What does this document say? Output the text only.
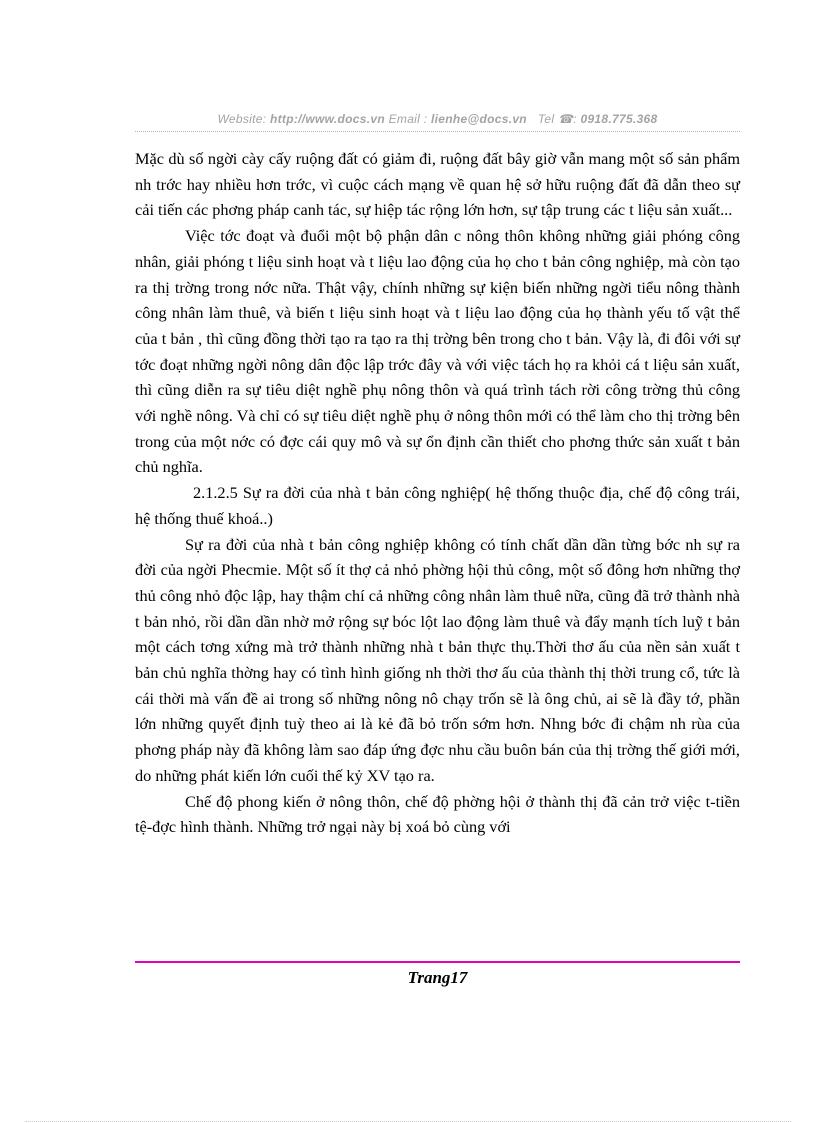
Website: http://www.docs.vn Email : lienhe@docs.vn Tel ☎: 0918.775.368

Mặc dù số ngời cày cấy ruộng đất có giảm đi, ruộng đất bây giờ vẫn mang một số sản phẩm nh trớc hay nhiều hơn trớc, vì cuộc cách mạng về quan hệ sở hữu ruộng đất đã dẫn theo sự cải tiến các phơng pháp canh tác, sự hiệp tác rộng lớn hơn, sự tập trung các t liệu sản xuất...

Việc tớc đoạt và đuổi một bộ phận dân c nông thôn không những giải phóng công nhân, giải phóng t liệu sinh hoạt và t liệu lao động của họ cho t bản công nghiệp, mà còn tạo ra thị trờng trong nớc nữa. Thật vậy, chính những sự kiện biến những ngời tiểu nông thành công nhân làm thuê, và biến t liệu sinh hoạt và t liệu lao động của họ thành yếu tố vật thể của t bản , thì cũng đồng thời tạo ra tạo ra thị trờng bên trong cho t bản. Vậy là, đi đôi với sự tớc đoạt những ngời nông dân độc lập trớc đây và với việc tách họ ra khỏi cá t liệu sản xuất, thì cũng diễn ra sự tiêu diệt nghề phụ nông thôn và quá trình tách rời công trờng thủ công với nghề nông. Và chỉ có sự tiêu diệt nghề phụ ở nông thôn mới có thể làm cho thị trờng bên trong của một nớc có đợc cái quy mô và sự ổn định cần thiết cho phơng thức sản xuất t bản chủ nghĩa.

2.1.2.5 Sự ra đời của nhà t bản công nghiệp( hệ thống thuộc địa, chế độ công trái, hệ thống thuế khoá..)

Sự ra đời của nhà t bản công nghiệp không có tính chất dần dần từng bớc nh sự ra đời của ngời Phecmie. Một số ít thợ cả nhỏ phờng hội thủ công, một số đông hơn những thợ thủ công nhỏ độc lập, hay thậm chí cả những công nhân làm thuê nữa, cũng đã trở thành nhà t bản nhỏ, rồi dần dần nhờ mở rộng sự bóc lột lao động làm thuê và đẩy mạnh tích luỹ t bản một cách tơng xứng mà trở thành những nhà t bản thực thụ.Thời thơ ấu của nền sản xuất t bản chủ nghĩa thờng hay có tình hình giống nh thời thơ ấu của thành thị thời trung cổ, tức là cái thời mà vấn đề ai trong số những nông nô chạy trốn sẽ là ông chủ, ai sẽ là đầy tớ, phần lớn những quyết định tuỳ theo ai là kẻ đã bỏ trốn sớm hơn. Nhng bớc đi chậm nh rùa của phơng pháp này đã không làm sao đáp ứng đợc nhu cầu buôn bán của thị trờng thế giới mới, do những phát kiến lớn cuối thế kỷ XV tạo ra.

Chế độ phong kiến ở nông thôn, chế độ phờng hội ở thành thị đã cản trở việc t-tiền tệ-đợc hình thành. Những trở ngại này bị xoá bỏ cùng với

Trang17
